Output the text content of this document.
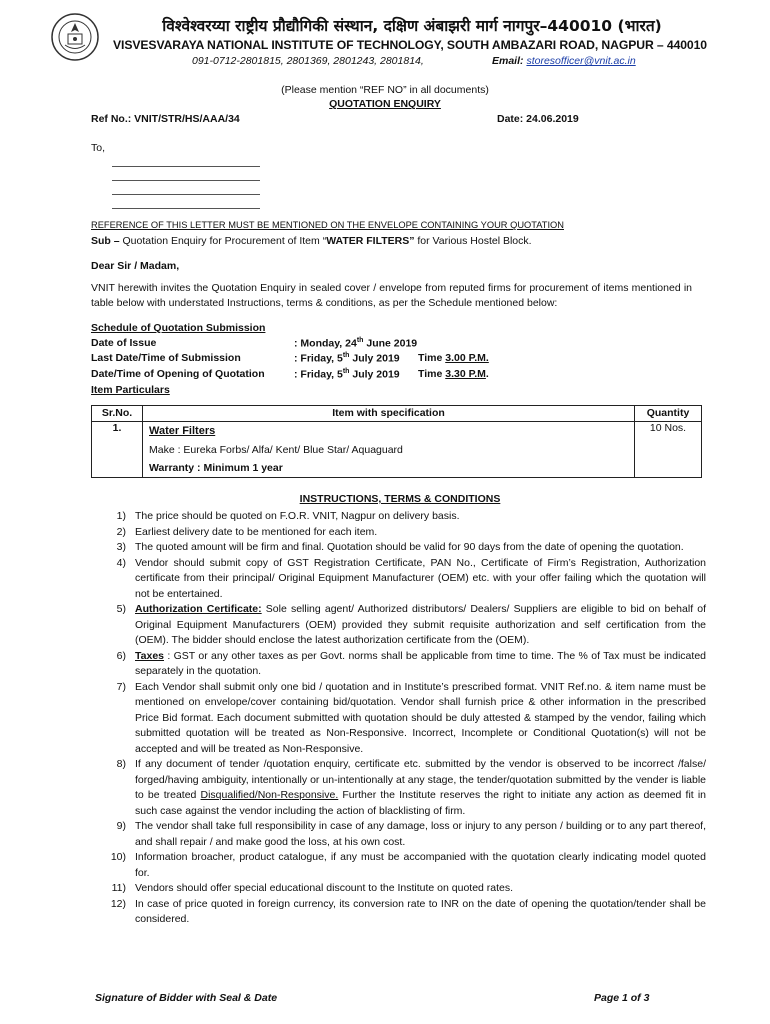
विश्वेश्वरय्या राष्ट्रीय प्रौद्यौगिकी संस्थान, दक्षिण अंबाझरी मार्ग नागपुर–440010 (भारत)
VISVESVARAYA NATIONAL INSTITUTE OF TECHNOLOGY, SOUTH AMBAZARI ROAD, NAGPUR – 440010
091-0712-2801815, 2801369, 2801243, 2801814,	Email: storesofficer@vnit.ac.in
(Please mention “REF NO” in all documents)
QUOTATION ENQUIRY
Ref No.: VNIT/STR/HS/AAA/34	Date: 24.06.2019
To,
REFERENCE OF THIS LETTER MUST BE MENTIONED ON THE ENVELOPE CONTAINING YOUR QUOTATION
Sub – Quotation Enquiry for Procurement of Item “WATER FILTERS” for Various Hostel Block.
Dear Sir / Madam,
VNIT herewith invites the Quotation Enquiry in sealed cover / envelope from reputed firms for procurement of items mentioned in table below with understated Instructions, terms & conditions, as per the Schedule mentioned below:
Schedule of Quotation Submission
Date of Issue	: Monday, 24th June 2019
Last Date/Time of Submission	: Friday, 5th July 2019 Time 3.00 P.M.
Date/Time of Opening of Quotation	: Friday, 5th July 2019 Time 3.30 P.M.
Item Particulars
Sr.No.	Item with specification	Quantity
1.	Water Filters
Make : Eureka Forbs/ Alfa/ Kent/ Blue Star/ Aquaguard
Warranty : Minimum 1 year	10 Nos.
INSTRUCTIONS, TERMS & CONDITIONS
1) The price should be quoted on F.O.R. VNIT, Nagpur on delivery basis.
2) Earliest delivery date to be mentioned for each item.
3) The quoted amount will be firm and final. Quotation should be valid for 90 days from the date of opening the quotation.
4) Vendor should submit copy of GST Registration Certificate, PAN No., Certificate of Firm’s Registration, Authorization certificate from their principal/ Original Equipment Manufacturer (OEM) etc. with your offer failing which the quotation will not be entertained.
5) Authorization Certificate: Sole selling agent/ Authorized distributors/ Dealers/ Suppliers are eligible to bid on behalf of Original Equipment Manufacturers (OEM) provided they submit requisite authorization and self certification from the (OEM). The bidder should enclose the latest authorization certificate from the (OEM).
6) Taxes : GST or any other taxes as per Govt. norms shall be applicable from time to time. The % of Tax must be indicated separately in the quotation.
7) Each Vendor shall submit only one bid / quotation and in Institute’s prescribed format. VNIT Ref.no. & item name must be mentioned on envelope/cover containing bid/quotation. Vendor shall furnish price & other information in the prescribed Price Bid format. Each document submitted with quotation should be duly attested & stamped by the vendor, failing which submitted quotation will be treated as Non-Responsive. Incorrect, Incomplete or Conditional Quotation(s) will not be accepted and will be treated as Non-Responsive.
8) If any document of tender /quotation enquiry, certificate etc. submitted by the vendor is observed to be incorrect /false/ forged/having ambiguity, intentionally or un-intentionally at any stage, the tender/quotation submitted by the vender is liable to be treated Disqualified/Non-Responsive. Further the Institute reserves the right to initiate any action as deemed fit in such case against the vendor including the action of blacklisting of firm.
9) The vendor shall take full responsibility in case of any damage, loss or injury to any person / building or to any part thereof, and shall repair / and make good the loss, at his own cost.
10) Information broacher, product catalogue, if any must be accompanied with the quotation clearly indicating model quoted for.
11) Vendors should offer special educational discount to the Institute on quoted rates.
12) In case of price quoted in foreign currency, its conversion rate to INR on the date of opening the quotation/tender shall be considered.
Signature of Bidder with Seal & Date	Page 1 of 3
